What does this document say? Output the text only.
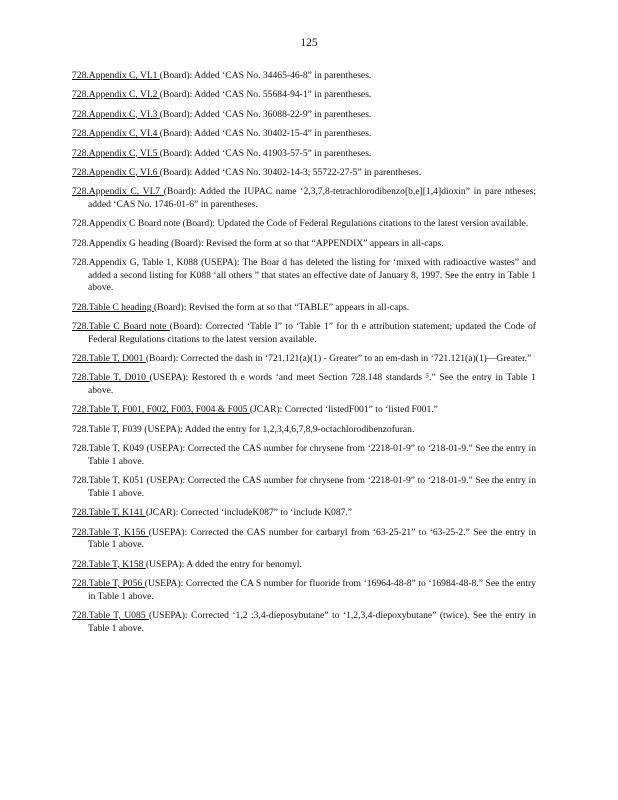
125

728.Appendix C, VI.1 (Board): Added ‘CAS No. 34465-46-8” in parentheses.

728.Appendix C, VI.2 (Board): Added ‘CAS No. 55684-94-1” in parentheses.

728.Appendix C, VI.3 (Board): Added ‘CAS No. 36088-22-9” in parentheses.

728.Appendix C, VI.4 (Board): Added ‘CAS No. 30402-15-4” in parentheses.

728.Appendix C, VI.5 (Board): Added ‘CAS No. 41903-57-5” in parentheses.

728.Appendix C, VI.6 (Board): Added ‘CAS No. 30402-14-3; 55722-27-5” in parentheses.

728.Appendix C, VI.7 (Board): Added the IUPAC name ‘2,3,7,8-tetrachlorodibenzo[b,e][1,4]dioxin” in pare ntheses; added ‘CAS No. 1746-01-6” in parentheses.

728.Appendix C Board note (Board): Updated the Code of Federal Regulations citations to the latest version available.

728.Appendix G heading (Board): Revised the form at so that “APPENDIX” appears in all-caps.

728.Appendix G, Table 1, K088 (USEPA): The Boar d has deleted the listing for ‘mixed with radioactive wastes” and added a second listing for K088 ‘all others ” that states an effective date of January 8, 1997. See the entry in Table 1 above.

728.Table C heading (Board): Revised the form at so that “TABLE” appears in all-caps.

728.Table C Board note (Board): Corrected ‘Table I” to ‘Table 1” for th e attribution statement; updated the Code of Federal Regulations citations to the latest version available.

728.Table T, D001 (Board): Corrected the dash in ‘721.121(a)(1) - Greater” to an em-dash in ‘721.121(a)(1)—Greater.”

728.Table T, D010 (USEPA): Restored th e words ‘and meet Section 728.148 standards ⁵.” See the entry in Table 1 above.

728.Table T, F001, F002, F003, F004 & F005 (JCAR): Corrected ‘listedF001” to ‘listed F001.”

728.Table T, F039 (USEPA): Added the entry for 1,2,3,4,6,7,8,9-octachlorodibenzofuran.

728.Table T, K049 (USEPA): Corrected the CAS number for chrysene from ‘2218-01-9” to ‘218-01-9.” See the entry in Table 1 above.

728.Table T, K051 (USEPA): Corrected the CAS number for chrysene from ‘2218-01-9” to ‘218-01-9.” See the entry in Table 1 above.

728.Table T, K141 (JCAR): Corrected ‘includeK087” to ‘include K087.”

728.Table T, K156 (USEPA): Corrected the CAS number for carbaryl from ‘63-25-21” to ‘63-25-2.” See the entry in Table 1 above.

728.Table T, K158 (USEPA): A dded the entry for benomyl.

728.Table T, P056 (USEPA): Corrected the CA S number for fluoride from ‘16964-48-8” to ‘16984-48-8.” See the entry in Table 1 above.

728.Table T, U085 (USEPA): Corrected ‘1,2 :3,4-dieposybutane” to ‘1,2,3,4-diepoxybutane” (twice). See the entry in Table 1 above.
